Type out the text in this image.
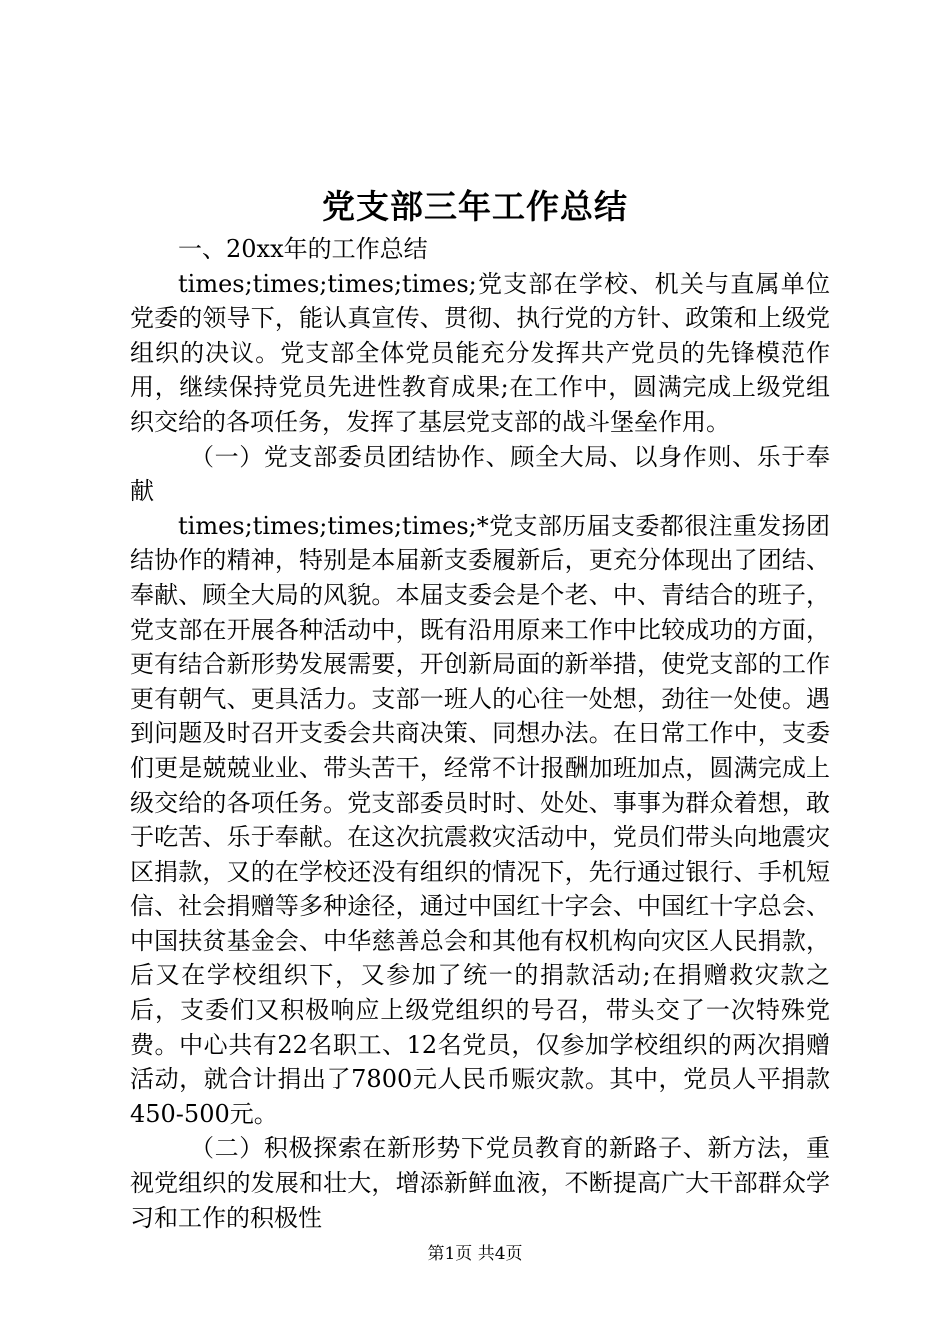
党支部三年工作总结

一、20xx年的工作总结

times;times;times;times;党支部在学校、机关与直属单位党委的领导下，能认真宣传、贯彻、执行党的方针、政策和上级党组织的决议。党支部全体党员能充分发挥共产党员的先锋模范作用，继续保持党员先进性教育成果;在工作中，圆满完成上级党组织交给的各项任务，发挥了基层党支部的战斗堡垒作用。

（一）党支部委员团结协作、顾全大局、以身作则、乐于奉献

times;times;times;times;*党支部历届支委都很注重发扬团结协作的精神，特别是本届新支委履新后，更充分体现出了团结、奉献、顾全大局的风貌。本届支委会是个老、中、青结合的班子，党支部在开展各种活动中，既有沿用原来工作中比较成功的方面，更有结合新形势发展需要，开创新局面的新举措，使党支部的工作更有朝气、更具活力。支部一班人的心往一处想，劲往一处使。遇到问题及时召开支委会共商决策、同想办法。在日常工作中，支委们更是兢兢业业、带头苦干，经常不计报酬加班加点，圆满完成上级交给的各项任务。党支部委员时时、处处、事事为群众着想，敢于吃苦、乐于奉献。在这次抗震救灾活动中，党员们带头向地震灾区捐款，又的在学校还没有组织的情况下，先行通过银行、手机短信、社会捐赠等多种途径，通过中国红十字会、中国红十字总会、中国扶贫基金会、中华慈善总会和其他有权机构向灾区人民捐款，后又在学校组织下，又参加了统一的捐款活动;在捐赠救灾款之后，支委们又积极响应上级党组织的号召，带头交了一次特殊党费。中心共有22名职工、12名党员，仅参加学校组织的两次捐赠活动，就合计捐出了7800元人民币赈灾款。其中，党员人平捐款450-500元。

（二）积极探索在新形势下党员教育的新路子、新方法，重视党组织的发展和壮大，增添新鲜血液，不断提高广大干部群众学习和工作的积极性

第1页 共4页
